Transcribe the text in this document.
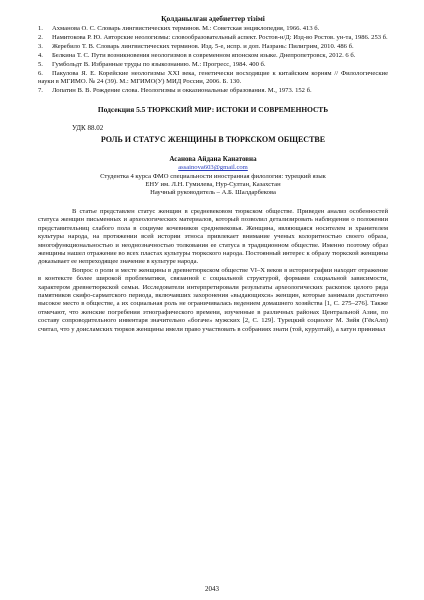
Қолданылған әдебиеттер тізімі
1. Ахманова О. С. Словарь лингвистических терминов. М.: Советская энциклопедия, 1966. 413 б.
2. Намитокова Р. Ю. Авторские неологизмы: словообразовательный аспект. Ростов-н/Д: Изд-во Ростов. ун-та, 1986. 253 б.
3. Жеребило Т. В. Словарь лингвистических терминов. Изд. 5-е, испр. и доп. Назрань: Пилигрим, 2010. 486 б.
4. Белкина Т. С. Пути возникновения неологизмов в современном японском языке. Днепропетровск, 2012. 6 б.
5. Гумбольдт В. Избранные труды по языкознанию. М.: Прогресс, 1984. 400 б.
6. Пакулова Я. Е. Корейские неологизмы XXI века, генетически восходящие к китайским корням // Филологические науки в МГИМО. № 24 (39). М.: МГИМО(У) МИД России, 2006. Б. 130.
7. Лопатин В. В. Рождение слова. Неологизмы и окказиональные образования. М., 1973. 152 б.
Подсекция 5.5 ТЮРКСКИЙ МИР: ИСТОКИ И СОВРЕМЕННОСТЬ
УДК 88.02
РОЛЬ И СТАТУС ЖЕНЩИНЫ В ТЮРКСКОМ ОБЩЕСТВЕ
Асанова Айдана Канатовна
assainova603@gmail.com
Студентка 4 курса ФМО специальности иностранная филология: турецкий язык
ЕНУ им. Л.Н. Гумилева, Нур-Султан, Казахстан
Научный руководитель – А.Б. Шалдарбекова

В статье представлен статус женщин в средневековом тюркском обществе. Приведен анализ особенностей статуса женщин письменных и археологических материалов, который позволил детализировать наблюдения о положении представительниц слабого пола в социуме кочевников средневековья. Женщина, являющаяся носителем и хранителем культуры народа, на протяжении всей истории этноса привлекает внимание ученых колоритностью своего образа, многофункциональностью и неоднозначностью толкования ее статуса в традиционном обществе. Именно поэтому образ женщины нашел отражение во всех пластах культуры тюркского народа. Постоянный интерес к образу тюркской женщины доказывает ее непреходящее значение в культуре народа.

Вопрос о роли и месте женщины в древнетюркском обществе VI–X веков в историографии находит отражение в контексте более широкой проблематики, связанной с социальной структурой, формами социальной зависимости, характером древнетюркской семьи. Исследователи интерпретировали результаты археологических раскопок целого ряда памятников скифо-сарматского периода, включавших захоронения «выдающихся» женщин, которые занимали достаточно высокое место в обществе, а их социальная роль не ограничивалась ведением домашнего хозяйства [1, С. 275–276]. Также отмечают, что женские погребения этнографического времени, изученные в различных районах Центральной Азии, по составу сопроводительного инвентаря значительно «богаче» мужских [2, С. 129]. Турецкий социолог М. Зийя (ГёкАлп) считал, что у доисламских тюрков женщины имели право участвовать в собраниях знати (той, курултай), а хатун принимал

2043
